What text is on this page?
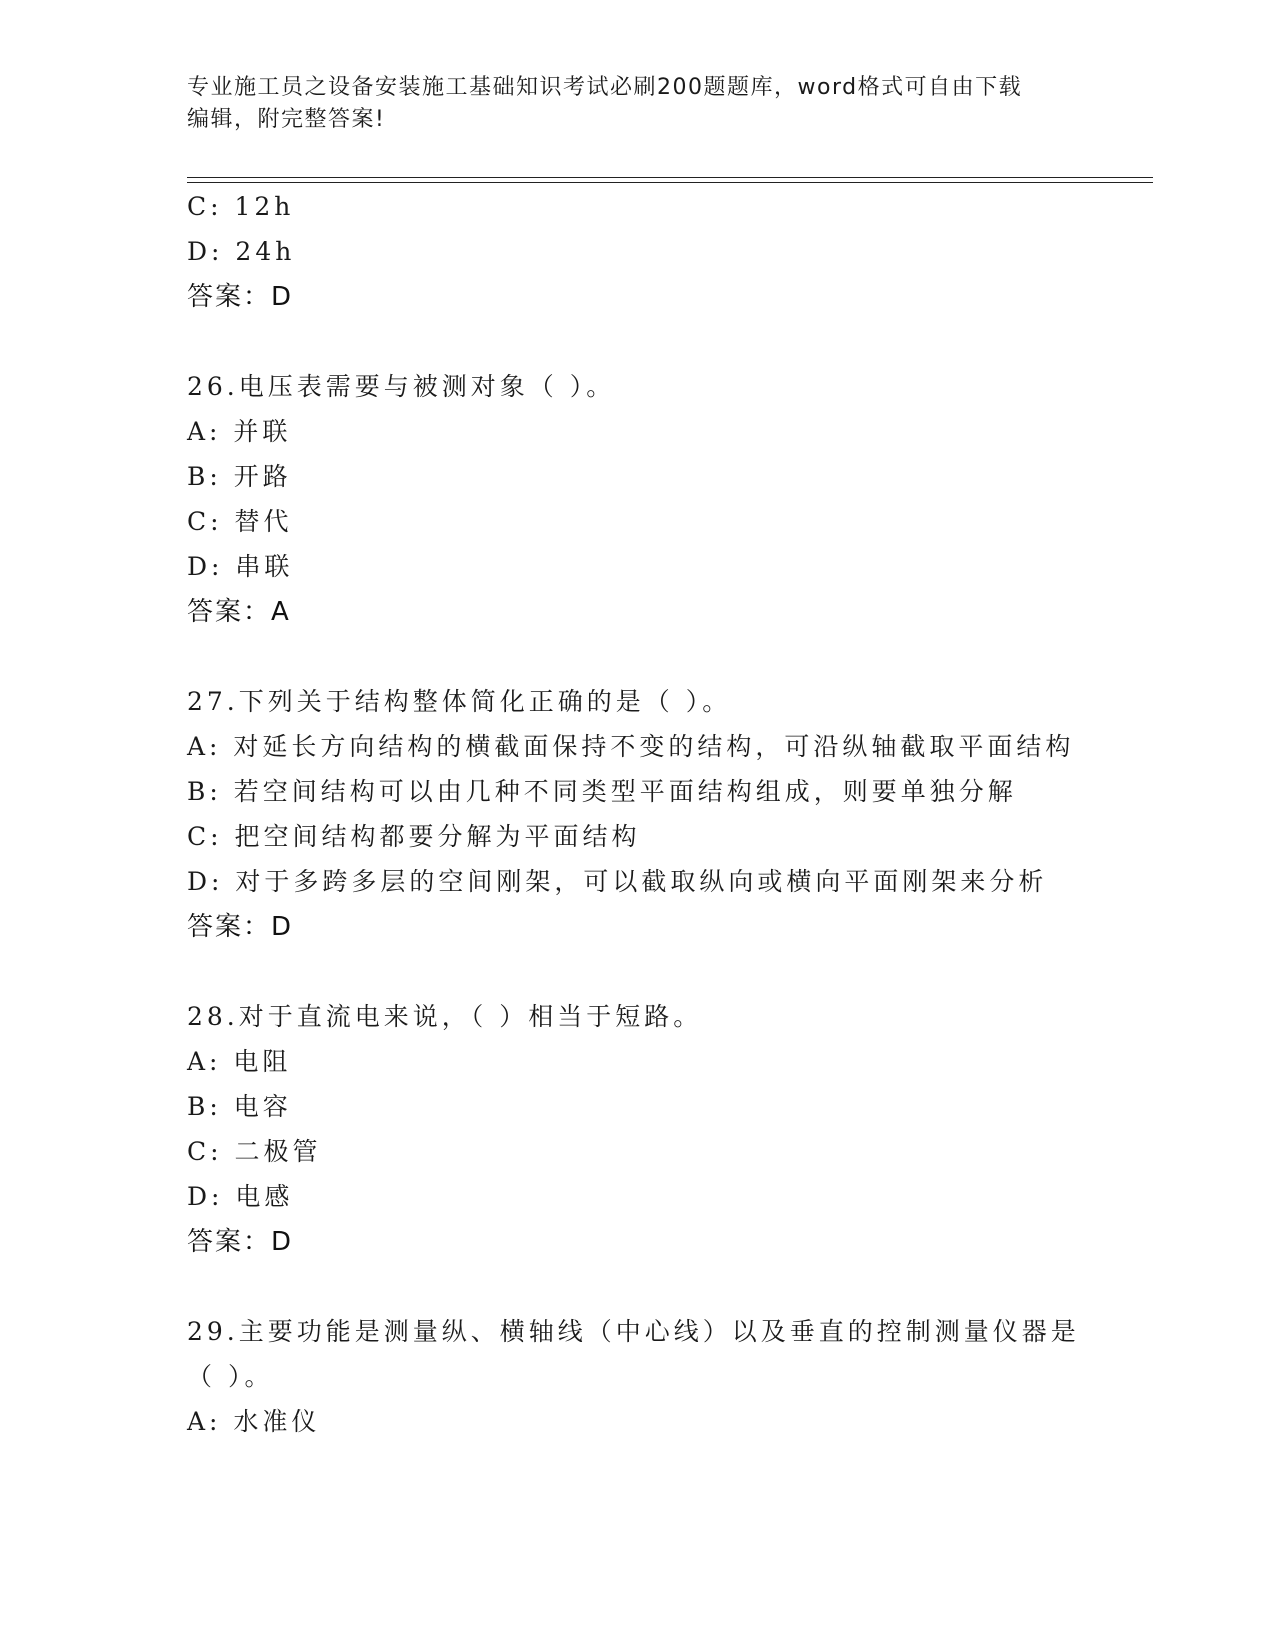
专业施工员之设备安装施工基础知识考试必刷200题题库，word格式可自由下载
编辑，附完整答案!
C: 12h
D: 24h
答案：D
26.电压表需要与被测对象（ ）。
A: 并联
B: 开路
C: 替代
D: 串联
答案：A
27.下列关于结构整体简化正确的是（ ）。
A: 对延长方向结构的横截面保持不变的结构，可沿纵轴截取平面结构
B: 若空间结构可以由几种不同类型平面结构组成，则要单独分解
C: 把空间结构都要分解为平面结构
D: 对于多跨多层的空间刚架，可以截取纵向或横向平面刚架来分析
答案：D
28.对于直流电来说，（ ）相当于短路。
A: 电阻
B: 电容
C: 二极管
D: 电感
答案：D
29.主要功能是测量纵、横轴线（中心线）以及垂直的控制测量仪器是
（ ）。
A: 水准仪
